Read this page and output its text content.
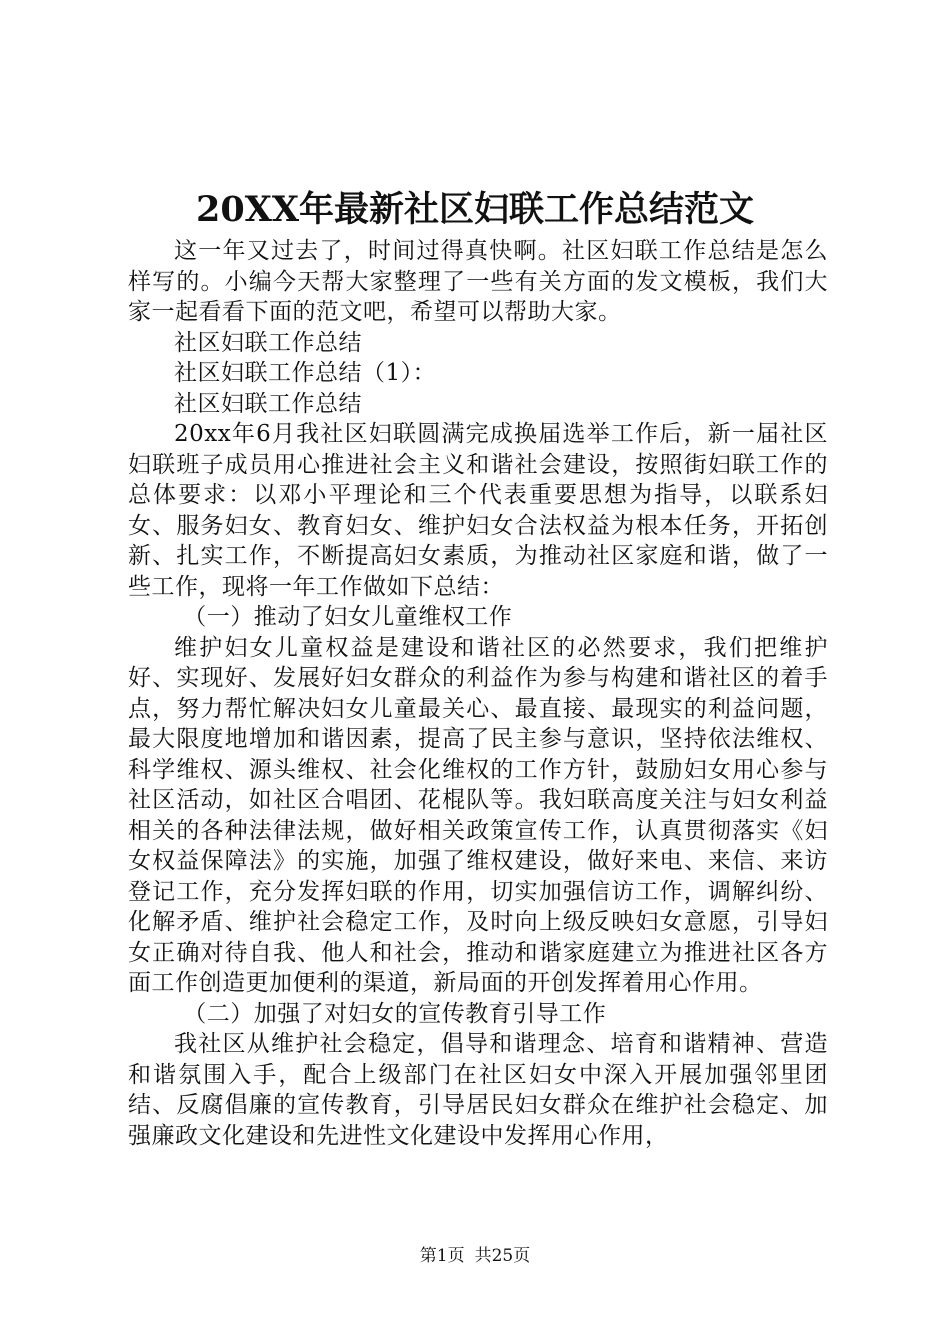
20XX年最新社区妇联工作总结范文

这一年又过去了，时间过得真快啊。社区妇联工作总结是怎么样写的。小编今天帮大家整理了一些有关方面的发文模板，我们大家一起看看下面的范文吧，希望可以帮助大家。

社区妇联工作总结

社区妇联工作总结（1）：

社区妇联工作总结

20xx年6月我社区妇联圆满完成换届选举工作后，新一届社区妇联班子成员用心推进社会主义和谐社会建设，按照街妇联工作的总体要求：以邓小平理论和三个代表重要思想为指导，以联系妇女、服务妇女、教育妇女、维护妇女合法权益为根本任务，开拓创新、扎实工作，不断提高妇女素质，为推动社区家庭和谐，做了一些工作，现将一年工作做如下总结：

（一）推动了妇女儿童维权工作

维护妇女儿童权益是建设和谐社区的必然要求，我们把维护好、实现好、发展好妇女群众的利益作为参与构建和谐社区的着手点，努力帮忙解决妇女儿童最关心、最直接、最现实的利益问题，最大限度地增加和谐因素，提高了民主参与意识，坚持依法维权、科学维权、源头维权、社会化维权的工作方针，鼓励妇女用心参与社区活动，如社区合唱团、花棍队等。我妇联高度关注与妇女利益相关的各种法律法规，做好相关政策宣传工作，认真贯彻落实《妇女权益保障法》的实施，加强了维权建设，做好来电、来信、来访登记工作，充分发挥妇联的作用，切实加强信访工作，调解纠纷、化解矛盾、维护社会稳定工作，及时向上级反映妇女意愿，引导妇女正确对待自我、他人和社会，推动和谐家庭建立为推进社区各方面工作创造更加便利的渠道，新局面的开创发挥着用心作用。

（二）加强了对妇女的宣传教育引导工作

我社区从维护社会稳定，倡导和谐理念、培育和谐精神、营造和谐氛围入手，配合上级部门在社区妇女中深入开展加强邻里团结、反腐倡廉的宣传教育，引导居民妇女群众在维护社会稳定、加强廉政文化建设和先进性文化建设中发挥用心作用，

第1页 共25页
